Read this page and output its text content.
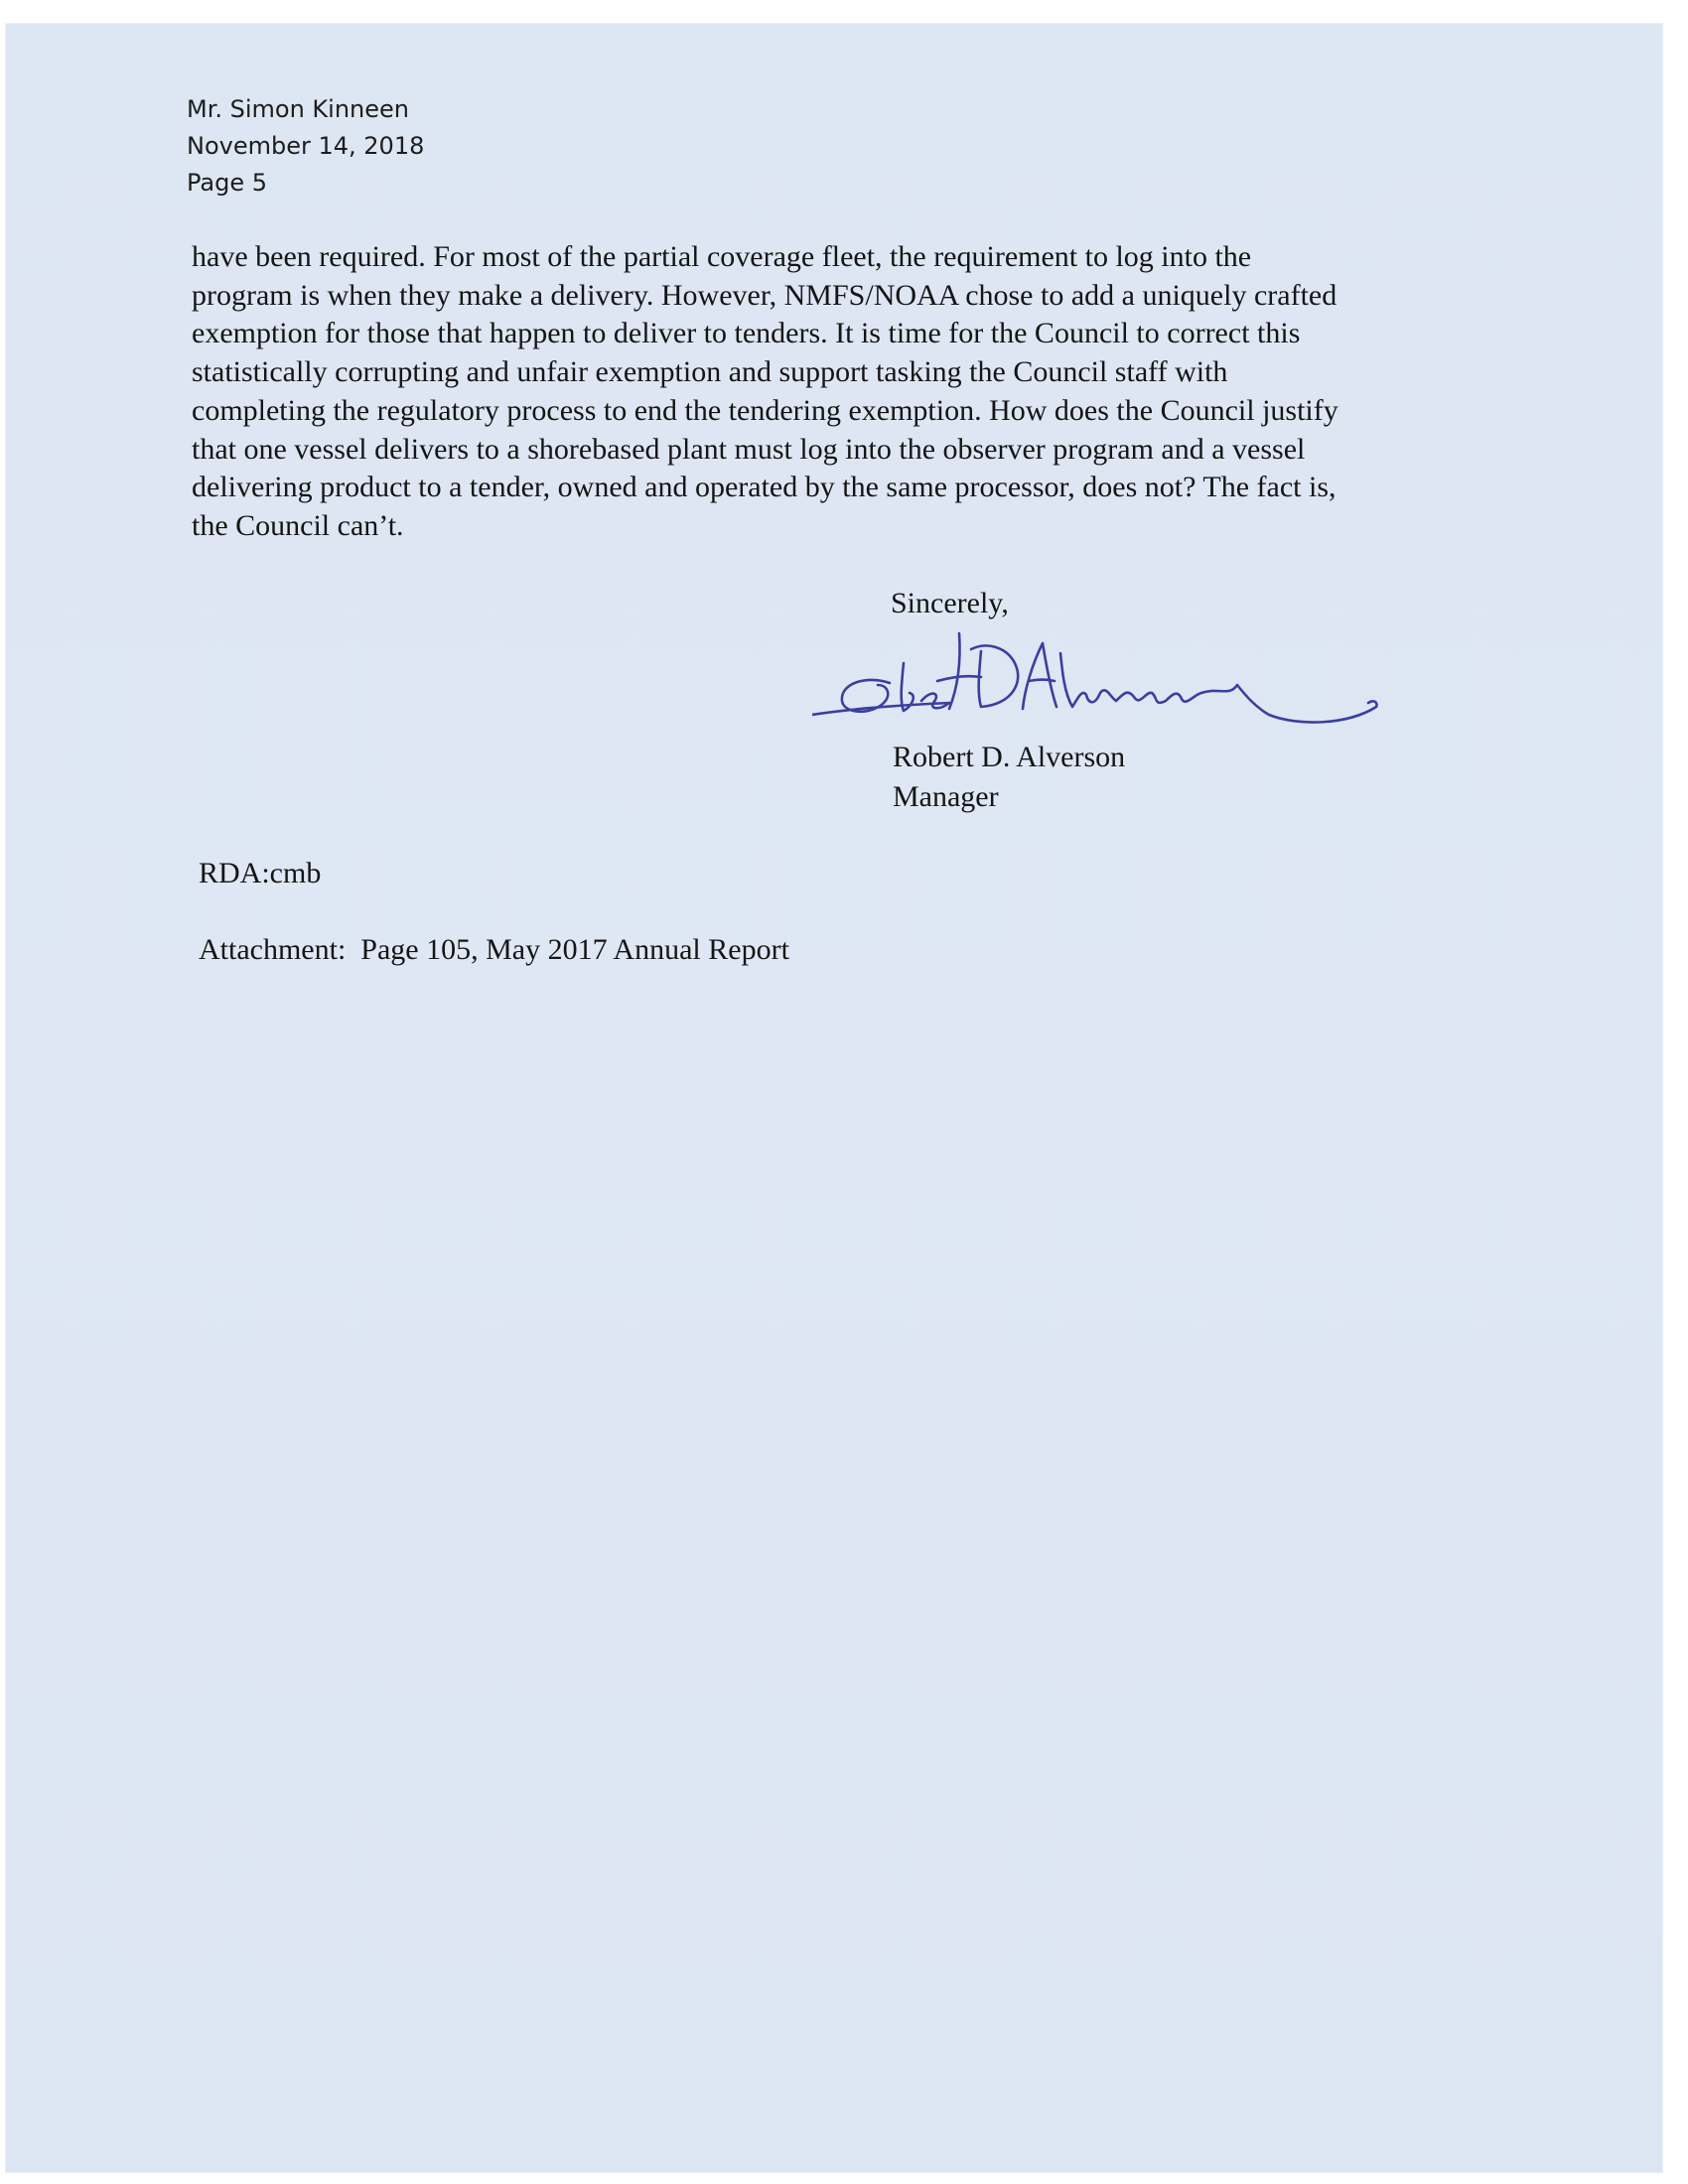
Mr. Simon Kinneen
November 14, 2018
Page 5
have been required. For most of the partial coverage fleet, the requirement to log into the
program is when they make a delivery. However, NMFS/NOAA chose to add a uniquely crafted
exemption for those that happen to deliver to tenders. It is time for the Council to correct this
statistically corrupting and unfair exemption and support tasking the Council staff with
completing the regulatory process to end the tendering exemption. How does the Council justify
that one vessel delivers to a shorebased plant must log into the observer program and a vessel
delivering product to a tender, owned and operated by the same processor, does not? The fact is,
the Council can’t.
Sincerely,
Robert D. Alverson
Manager
RDA:cmb
Attachment:  Page 105, May 2017 Annual Report
